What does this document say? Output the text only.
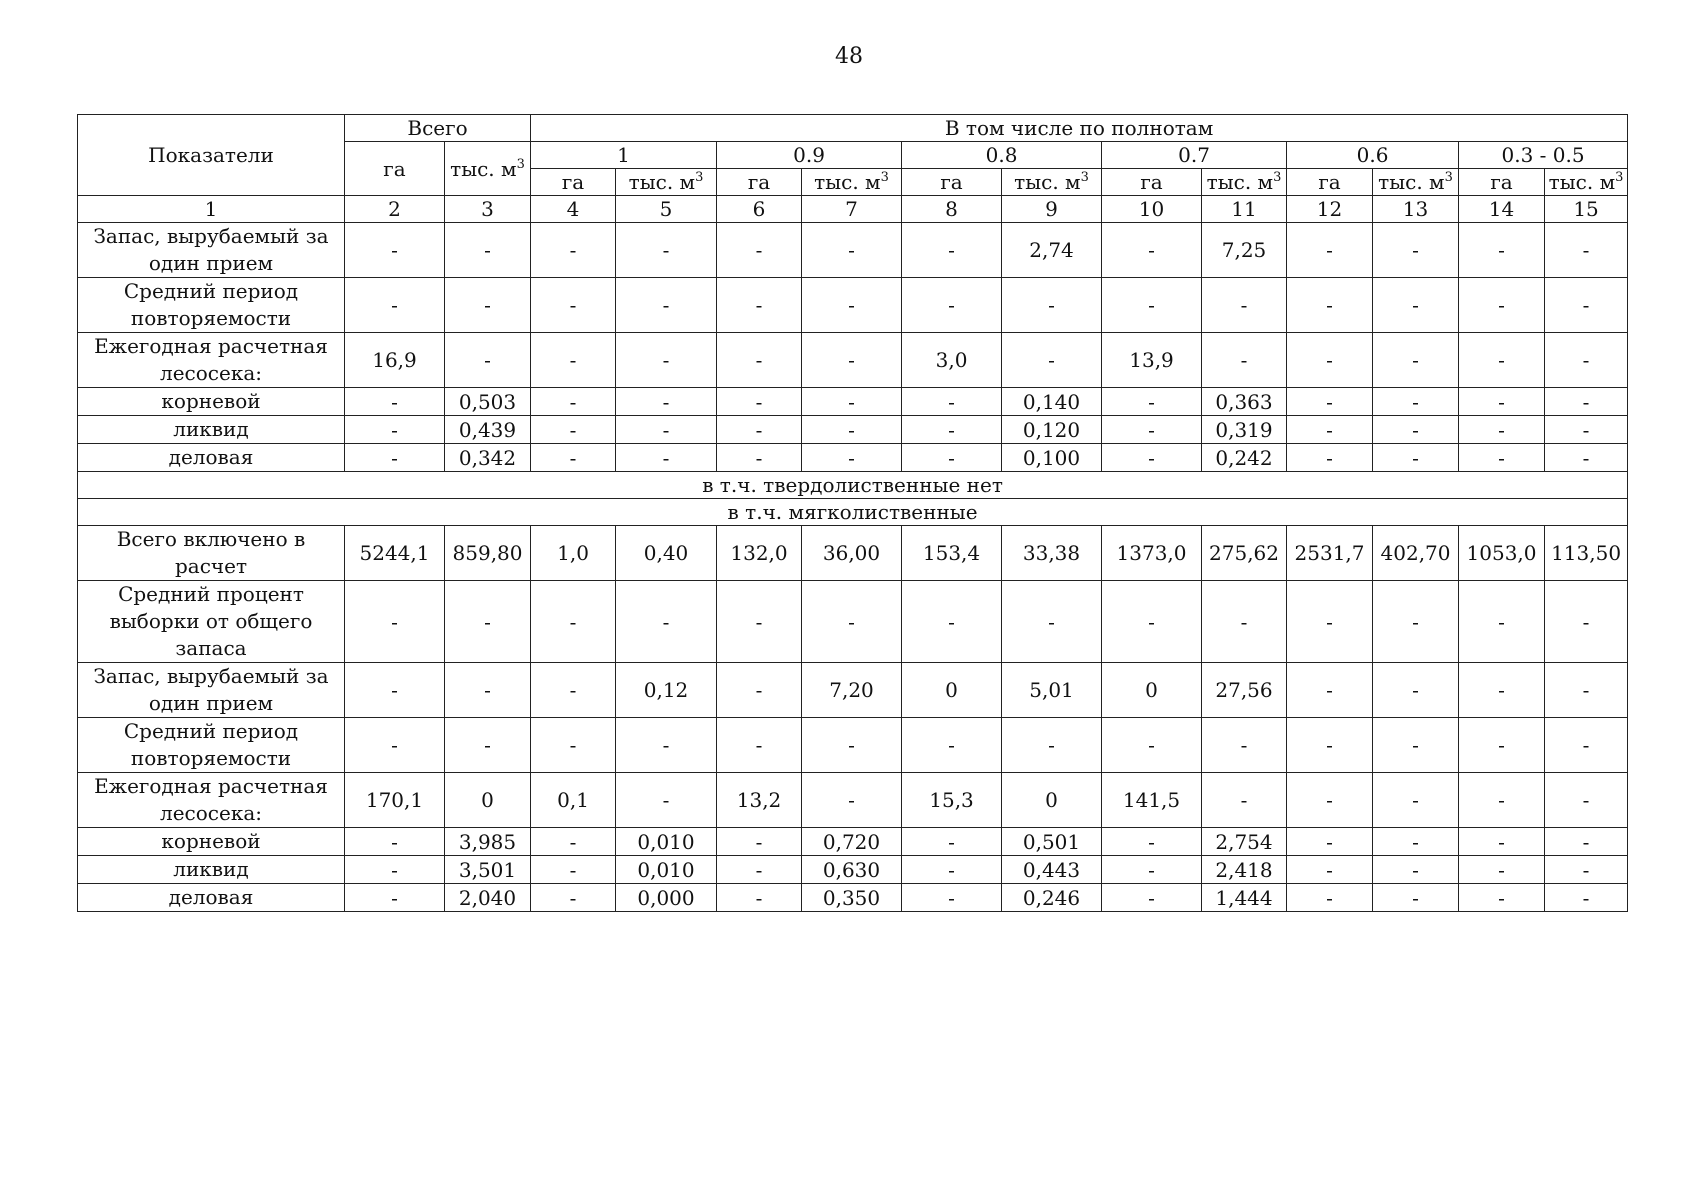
48
Показатели	Всего		В том числе по полнотам											
	га	тыс. $м^3$	1		0.9		0.8		0.7		0.6		0.3 - 0.5	
			га	тыс. $м^3$	га	тыс. $м^3$	га	тыс. $м^3$	га	тыс. $м^3$	га	тыс. $м^3$	га	тыс. $м^3$
1	2	3	4	5	6	7	8	9	10	11	12	13	14	15
Запас, вырубаемый за один прием	-	-	-	-	-	-	-	2,74	-	7,25	-	-	-	-
Средний период повторяемости	-	-	-	-	-	-	-	-	-	-	-	-	-	-
Ежегодная расчетная лесосека:	16,9	-	-	-	-	-	3,0	-	13,9	-	-	-	-	-
корневой	-	0,503	-	-	-	-	-	0,140	-	0,363	-	-	-	-
ликвид	-	0,439	-	-	-	-	-	0,120	-	0,319	-	-	-	-
деловая	-	0,342	-	-	-	-	-	0,100	-	0,242	-	-	-	-
в т.ч. твердолиственные нет														
в т.ч. мягколиственные														
Всего включено в расчет	5244,1	859,80	1,0	0,40	132,0	36,00	153,4	33,38	1373,0	275,62	2531,7	402,70	1053,0	113,50
Средний процент выборки от общего запаса	-	-	-	-	-	-	-	-	-	-	-	-	-	-
Запас, вырубаемый за один прием	-	-	-	0,12	-	7,20	0	5,01	0	27,56	-	-	-	-
Средний период повторяемости	-	-	-	-	-	-	-	-	-	-	-	-	-	-
Ежегодная расчетная лесосека:	170,1	0	0,1	-	13,2	-	15,3	0	141,5	-	-	-	-	-
корневой	-	3,985	-	0,010	-	0,720	-	0,501	-	2,754	-	-	-	-
ликвид	-	3,501	-	0,010	-	0,630	-	0,443	-	2,418	-	-	-	-
деловая	-	2,040	-	0,000	-	0,350	-	0,246	-	1,444	-	-	-	-
